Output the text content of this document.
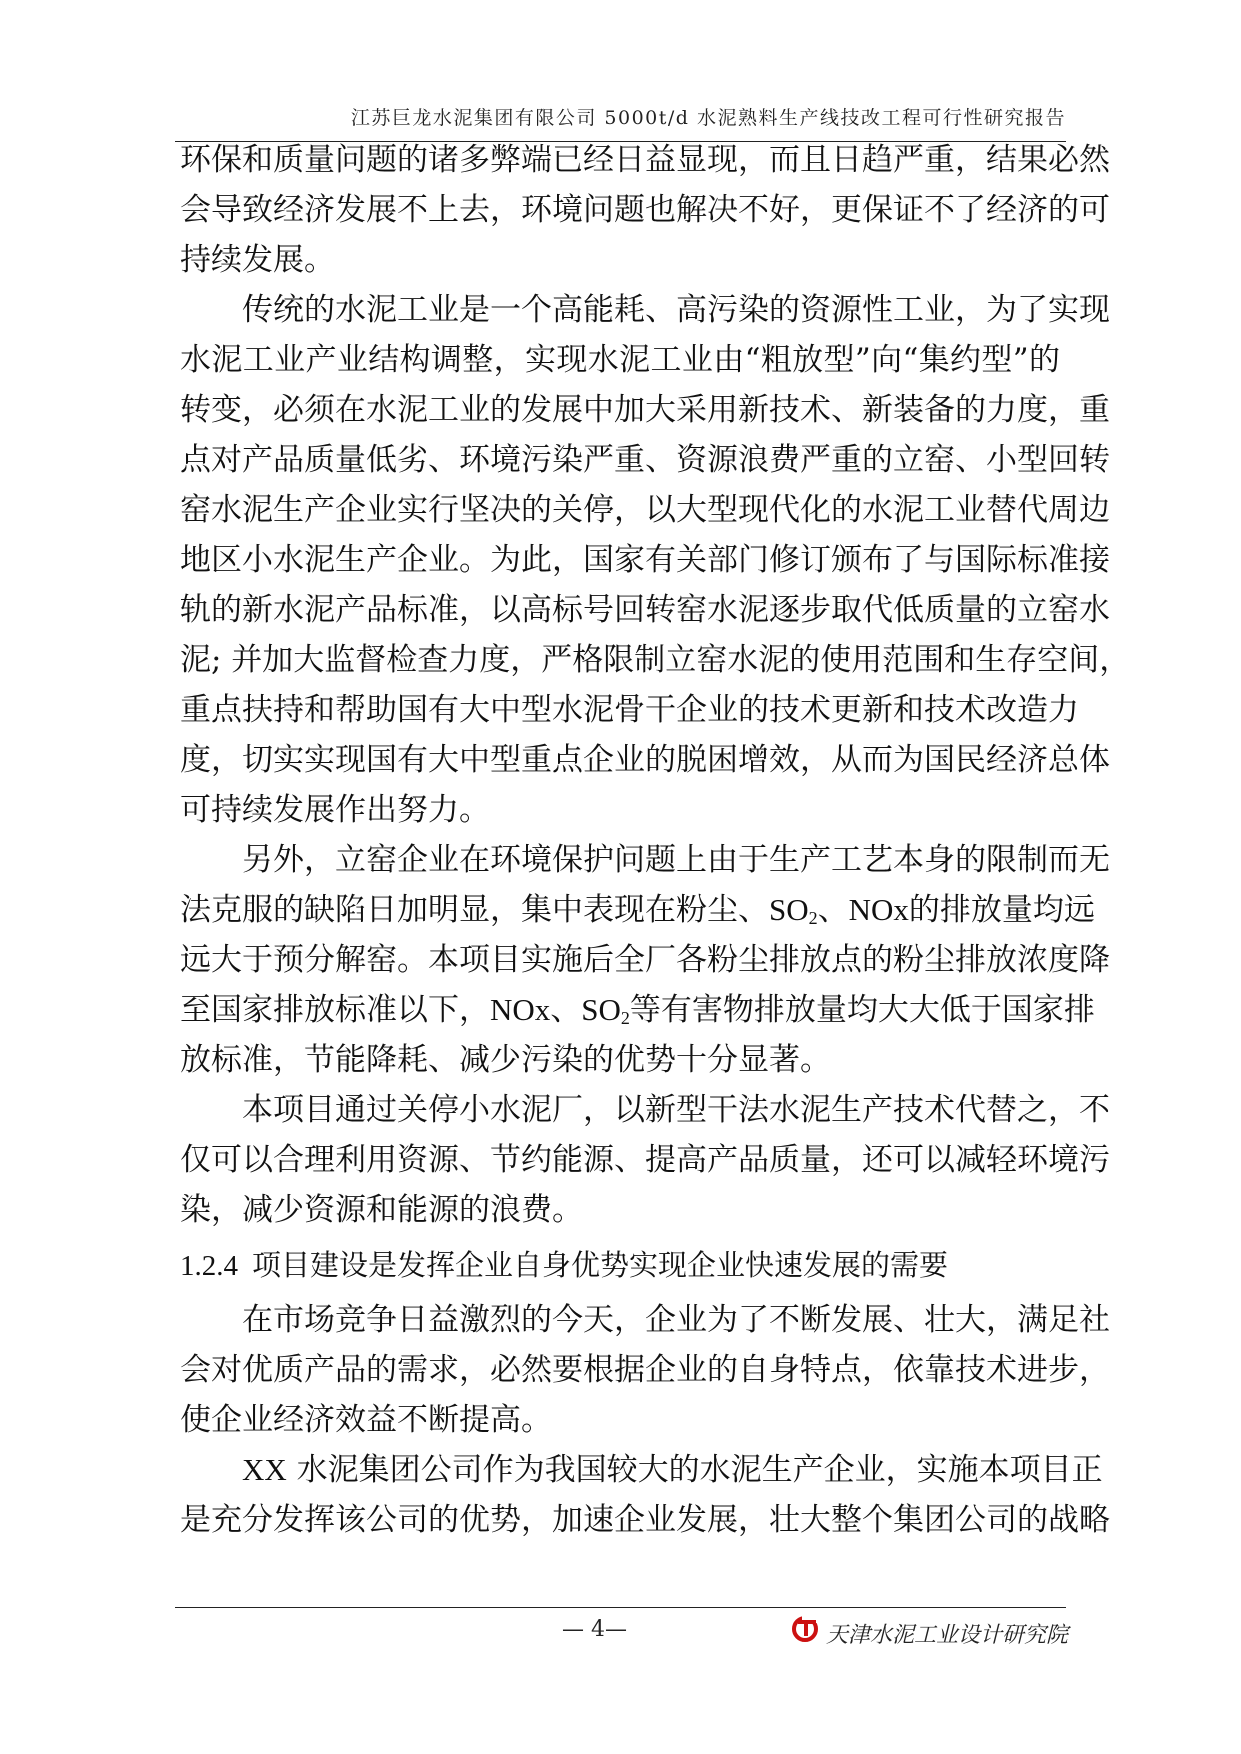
江苏巨龙水泥集团有限公司 5000t/d 水泥熟料生产线技改工程可行性研究报告
环保和质量问题的诸多弊端已经日益显现，而且日趋严重，结果必然
会导致经济发展不上去，环境问题也解决不好，更保证不了经济的可
持续发展。
传统的水泥工业是一个高能耗、高污染的资源性工业，为了实现
水泥工业产业结构调整，实现水泥工业由“粗放型”向“集约型”的
转变，必须在水泥工业的发展中加大采用新技术、新装备的力度，重
点对产品质量低劣、环境污染严重、资源浪费严重的立窑、小型回转
窑水泥生产企业实行坚决的关停，以大型现代化的水泥工业替代周边
地区小水泥生产企业。为此，国家有关部门修订颁布了与国际标准接
轨的新水泥产品标准，以高标号回转窑水泥逐步取代低质量的立窑水
泥; 并加大监督检查力度，严格限制立窑水泥的使用范围和生存空间，
重点扶持和帮助国有大中型水泥骨干企业的技术更新和技术改造力
度，切实实现国有大中型重点企业的脱困增效，从而为国民经济总体
可持续发展作出努力。
另外，立窑企业在环境保护问题上由于生产工艺本身的限制而无
法克服的缺陷日加明显，集中表现在粉尘、$SO_2$、NOx的排放量均远
远大于预分解窑。本项目实施后全厂各粉尘排放点的粉尘排放浓度降
至国家排放标准以下，NOx、$SO_2$等有害物排放量均大大低于国家排
放标准，节能降耗、减少污染的优势十分显著。
本项目通过关停小水泥厂，以新型干法水泥生产技术代替之，不
仅可以合理利用资源、节约能源、提高产品质量，还可以减轻环境污
染，减少资源和能源的浪费。
1.2.4 项目建设是发挥企业自身优势实现企业快速发展的需要
在市场竞争日益激烈的今天，企业为了不断发展、壮大，满足社
会对优质产品的需求，必然要根据企业的自身特点，依靠技术进步，
使企业经济效益不断提高。
XX 水泥集团公司作为我国较大的水泥生产企业，实施本项目正
是充分发挥该公司的优势，加速企业发展，壮大整个集团公司的战略
— 4—	天津水泥工业设计研究院
